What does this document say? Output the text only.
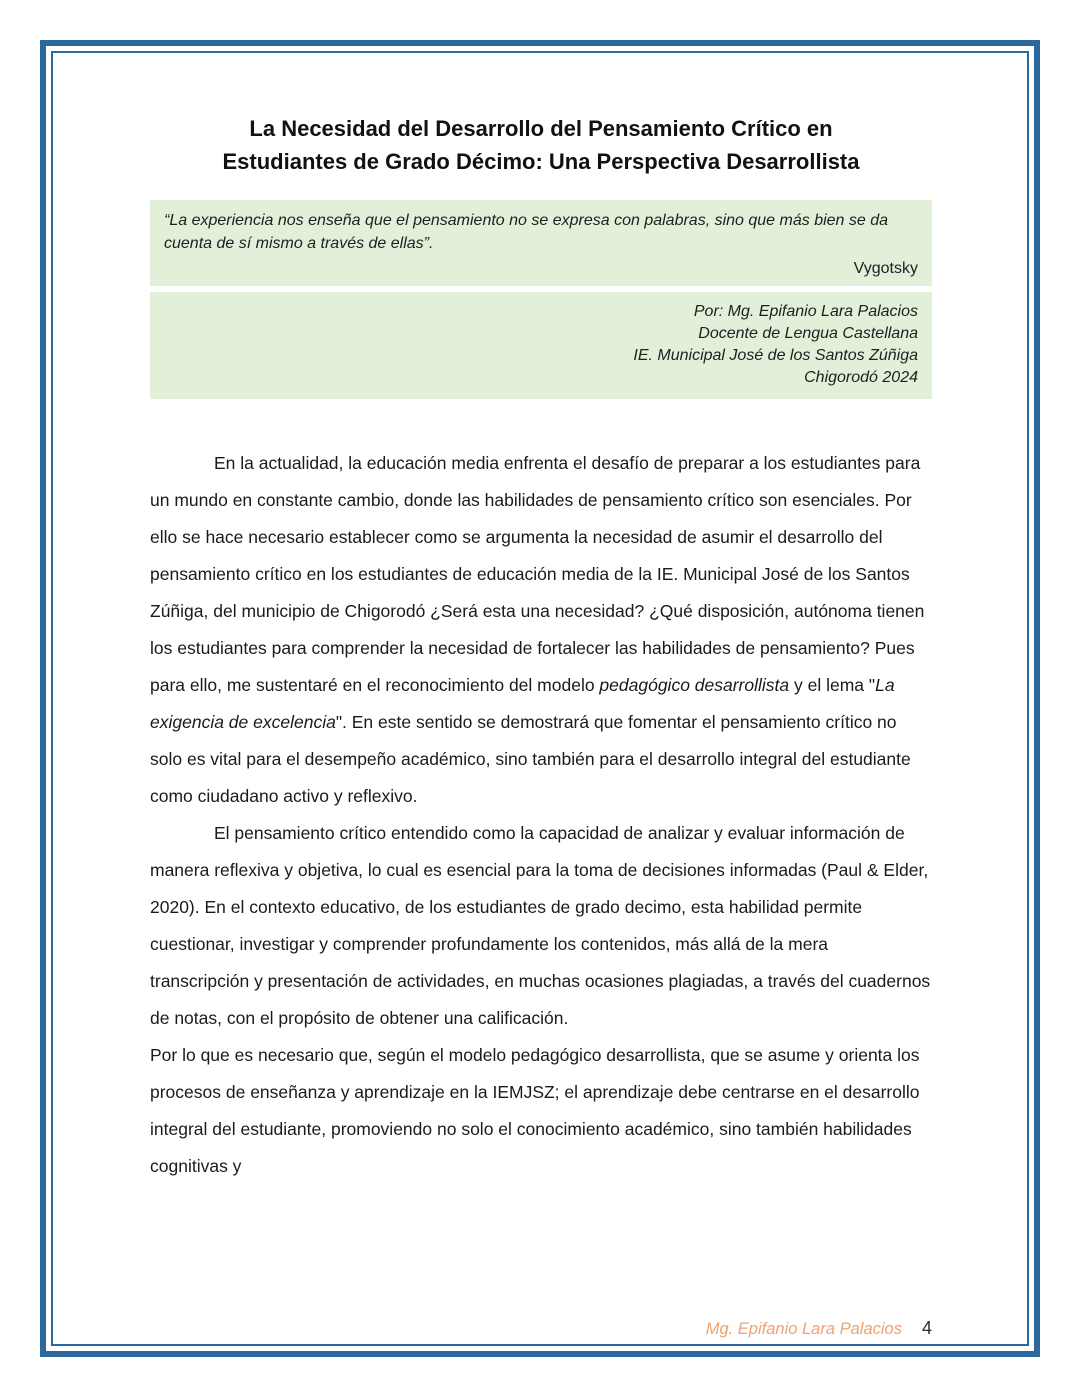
La Necesidad del Desarrollo del Pensamiento Crítico en
Estudiantes de Grado Décimo: Una Perspectiva Desarrollista

“La experiencia nos enseña que el pensamiento no se expresa con palabras, sino que más bien se da cuenta de sí mismo a través de ellas”.

Vygotsky

Por: Mg. Epifanio Lara Palacios

Docente de Lengua Castellana

IE. Municipal José de los Santos Zúñiga

Chigorodó 2024

En la actualidad, la educación media enfrenta el desafío de preparar a los estudiantes para un mundo en constante cambio, donde las habilidades de pensamiento crítico son esenciales. Por ello se hace necesario establecer como se argumenta la necesidad de asumir el desarrollo del pensamiento crítico en los estudiantes de educación media de la IE. Municipal José de los Santos Zúñiga, del municipio de Chigorodó ¿Será esta una necesidad? ¿Qué disposición, autónoma tienen los estudiantes para comprender la necesidad de fortalecer las habilidades de pensamiento? Pues para ello, me sustentaré en el reconocimiento del modelo pedagógico desarrollista y el lema "La exigencia de excelencia". En este sentido se demostrará que fomentar el pensamiento crítico no solo es vital para el desempeño académico, sino también para el desarrollo integral del estudiante como ciudadano activo y reflexivo.

El pensamiento crítico entendido como la capacidad de analizar y evaluar información de manera reflexiva y objetiva, lo cual es esencial para la toma de decisiones informadas (Paul & Elder, 2020). En el contexto educativo, de los estudiantes de grado decimo, esta habilidad permite cuestionar, investigar y comprender profundamente los contenidos, más allá de la mera transcripción y presentación de actividades, en muchas ocasiones plagiadas, a través del cuadernos de notas, con el propósito de obtener una calificación.

Por lo que es necesario que, según el modelo pedagógico desarrollista, que se asume y orienta los procesos de enseñanza y aprendizaje en la IEMJSZ; el aprendizaje debe centrarse en el desarrollo integral del estudiante, promoviendo no solo el conocimiento académico, sino también habilidades cognitivas y

Mg. Epifanio Lara Palacios 4
